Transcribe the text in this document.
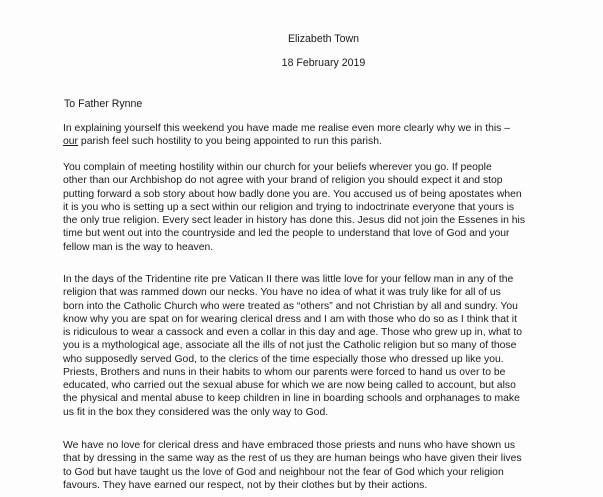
Elizabeth Town
18 February 2019
To Father Rynne
In explaining yourself this weekend you have made me realise even more clearly why we in this –
our parish feel such hostility to you being appointed to run this parish.
You complain of meeting hostility within our church for your beliefs wherever you go. If people
other than our Archbishop do not agree with your brand of religion you should expect it and stop
putting forward a sob story about how badly done you are. You accused us of being apostates when
it is you who is setting up a sect within our religion and trying to indoctrinate everyone that yours is
the only true religion. Every sect leader in history has done this. Jesus did not join the Essenes in his
time but went out into the countryside and led the people to understand that love of God and your
fellow man is the way to heaven.
In the days of the Tridentine rite pre Vatican II there was little love for your fellow man in any of the
religion that was rammed down our necks. You have no idea of what it was truly like for all of us
born into the Catholic Church who were treated as “others” and not Christian by all and sundry. You
know why you are spat on for wearing clerical dress and I am with those who do so as I think that it
is ridiculous to wear a cassock and even a collar in this day and age. Those who grew up in, what to
you is a mythological age, associate all the ills of not just the Catholic religion but so many of those
who supposedly served God, to the clerics of the time especially those who dressed up like you.
Priests, Brothers and nuns in their habits to whom our parents were forced to hand us over to be
educated, who carried out the sexual abuse for which we are now being called to account, but also
the physical and mental abuse to keep children in line in boarding schools and orphanages to make
us fit in the box they considered was the only way to God.
We have no love for clerical dress and have embraced those priests and nuns who have shown us
that by dressing in the same way as the rest of us they are human beings who have given their lives
to God but have taught us the love of God and neighbour not the fear of God which your religion
favours. They have earned our respect, not by their clothes but by their actions.
